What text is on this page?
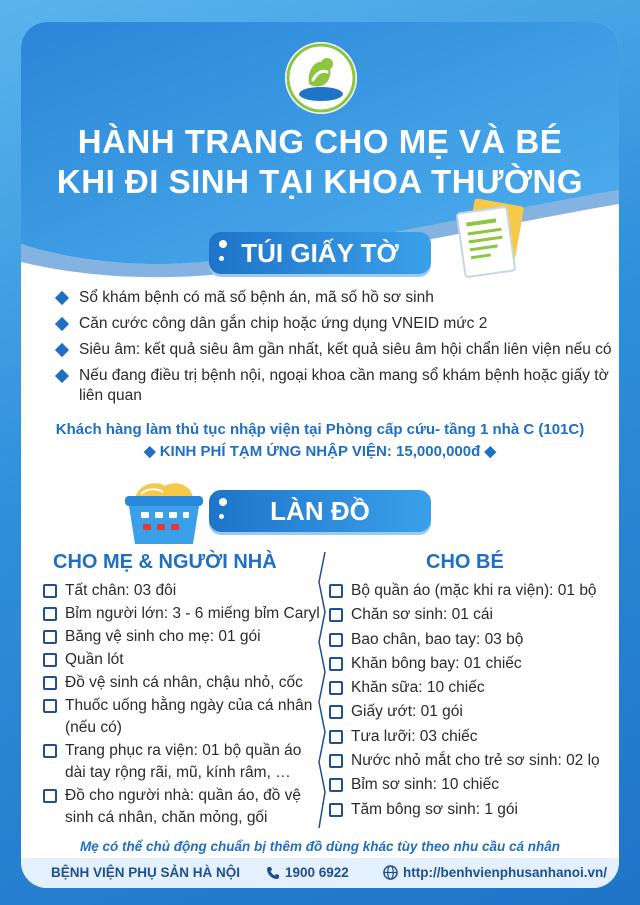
HÀNH TRANG CHO MẸ VÀ BÉ
KHI ĐI SINH TẠI KHOA THƯỜNG
TÚI GIẤY TỜ
Sổ khám bệnh có mã số bệnh án, mã số hồ sơ sinh
Căn cước công dân gắn chip hoặc ứng dụng VNEID mức 2
Siêu âm: kết quả siêu âm gần nhất, kết quả siêu âm hội chẩn liên viện nếu có
Nếu đang điều trị bệnh nội, ngoại khoa cần mang sổ khám bệnh hoặc giấy tờ liên quan
Khách hàng làm thủ tục nhập viện tại Phòng cấp cứu- tầng 1 nhà C (101C)
◆ KINH PHÍ TẠM ỨNG NHẬP VIỆN: 15,000,000đ ◆
LÀN ĐỒ
CHO MẸ & NGƯỜI NHÀ	CHO BÉ
Tất chân: 03 đôi
Bỉm người lớn: 3 - 6 miếng bỉm Caryl
Băng vệ sinh cho mẹ: 01 gói
Quần lót
Đồ vệ sinh cá nhân, chậu nhỏ, cốc
Thuốc uống hằng ngày của cá nhân (nếu có)
Trang phục ra viện: 01 bộ quần áo dài tay rộng rãi, mũ, kính râm, …
Đồ cho người nhà: quần áo, đồ vệ sinh cá nhân, chăn mỏng, gối
Bộ quần áo (mặc khi ra viện): 01 bộ
Chăn sơ sinh: 01 cái
Bao chân, bao tay: 03 bộ
Khăn bông bay: 01 chiếc
Khăn sữa: 10 chiếc
Giấy ướt: 01 gói
Tưa lưỡi: 03 chiếc
Nước nhỏ mắt cho trẻ sơ sinh: 02 lọ
Bỉm sơ sinh: 10 chiếc
Tăm bông sơ sinh: 1 gói
Mẹ có thể chủ động chuẩn bị thêm đồ dùng khác tùy theo nhu cầu cá nhân
BỆNH VIỆN PHỤ SẢN HÀ NỘI	1900 6922	http://benhvienphusanhanoi.vn/
